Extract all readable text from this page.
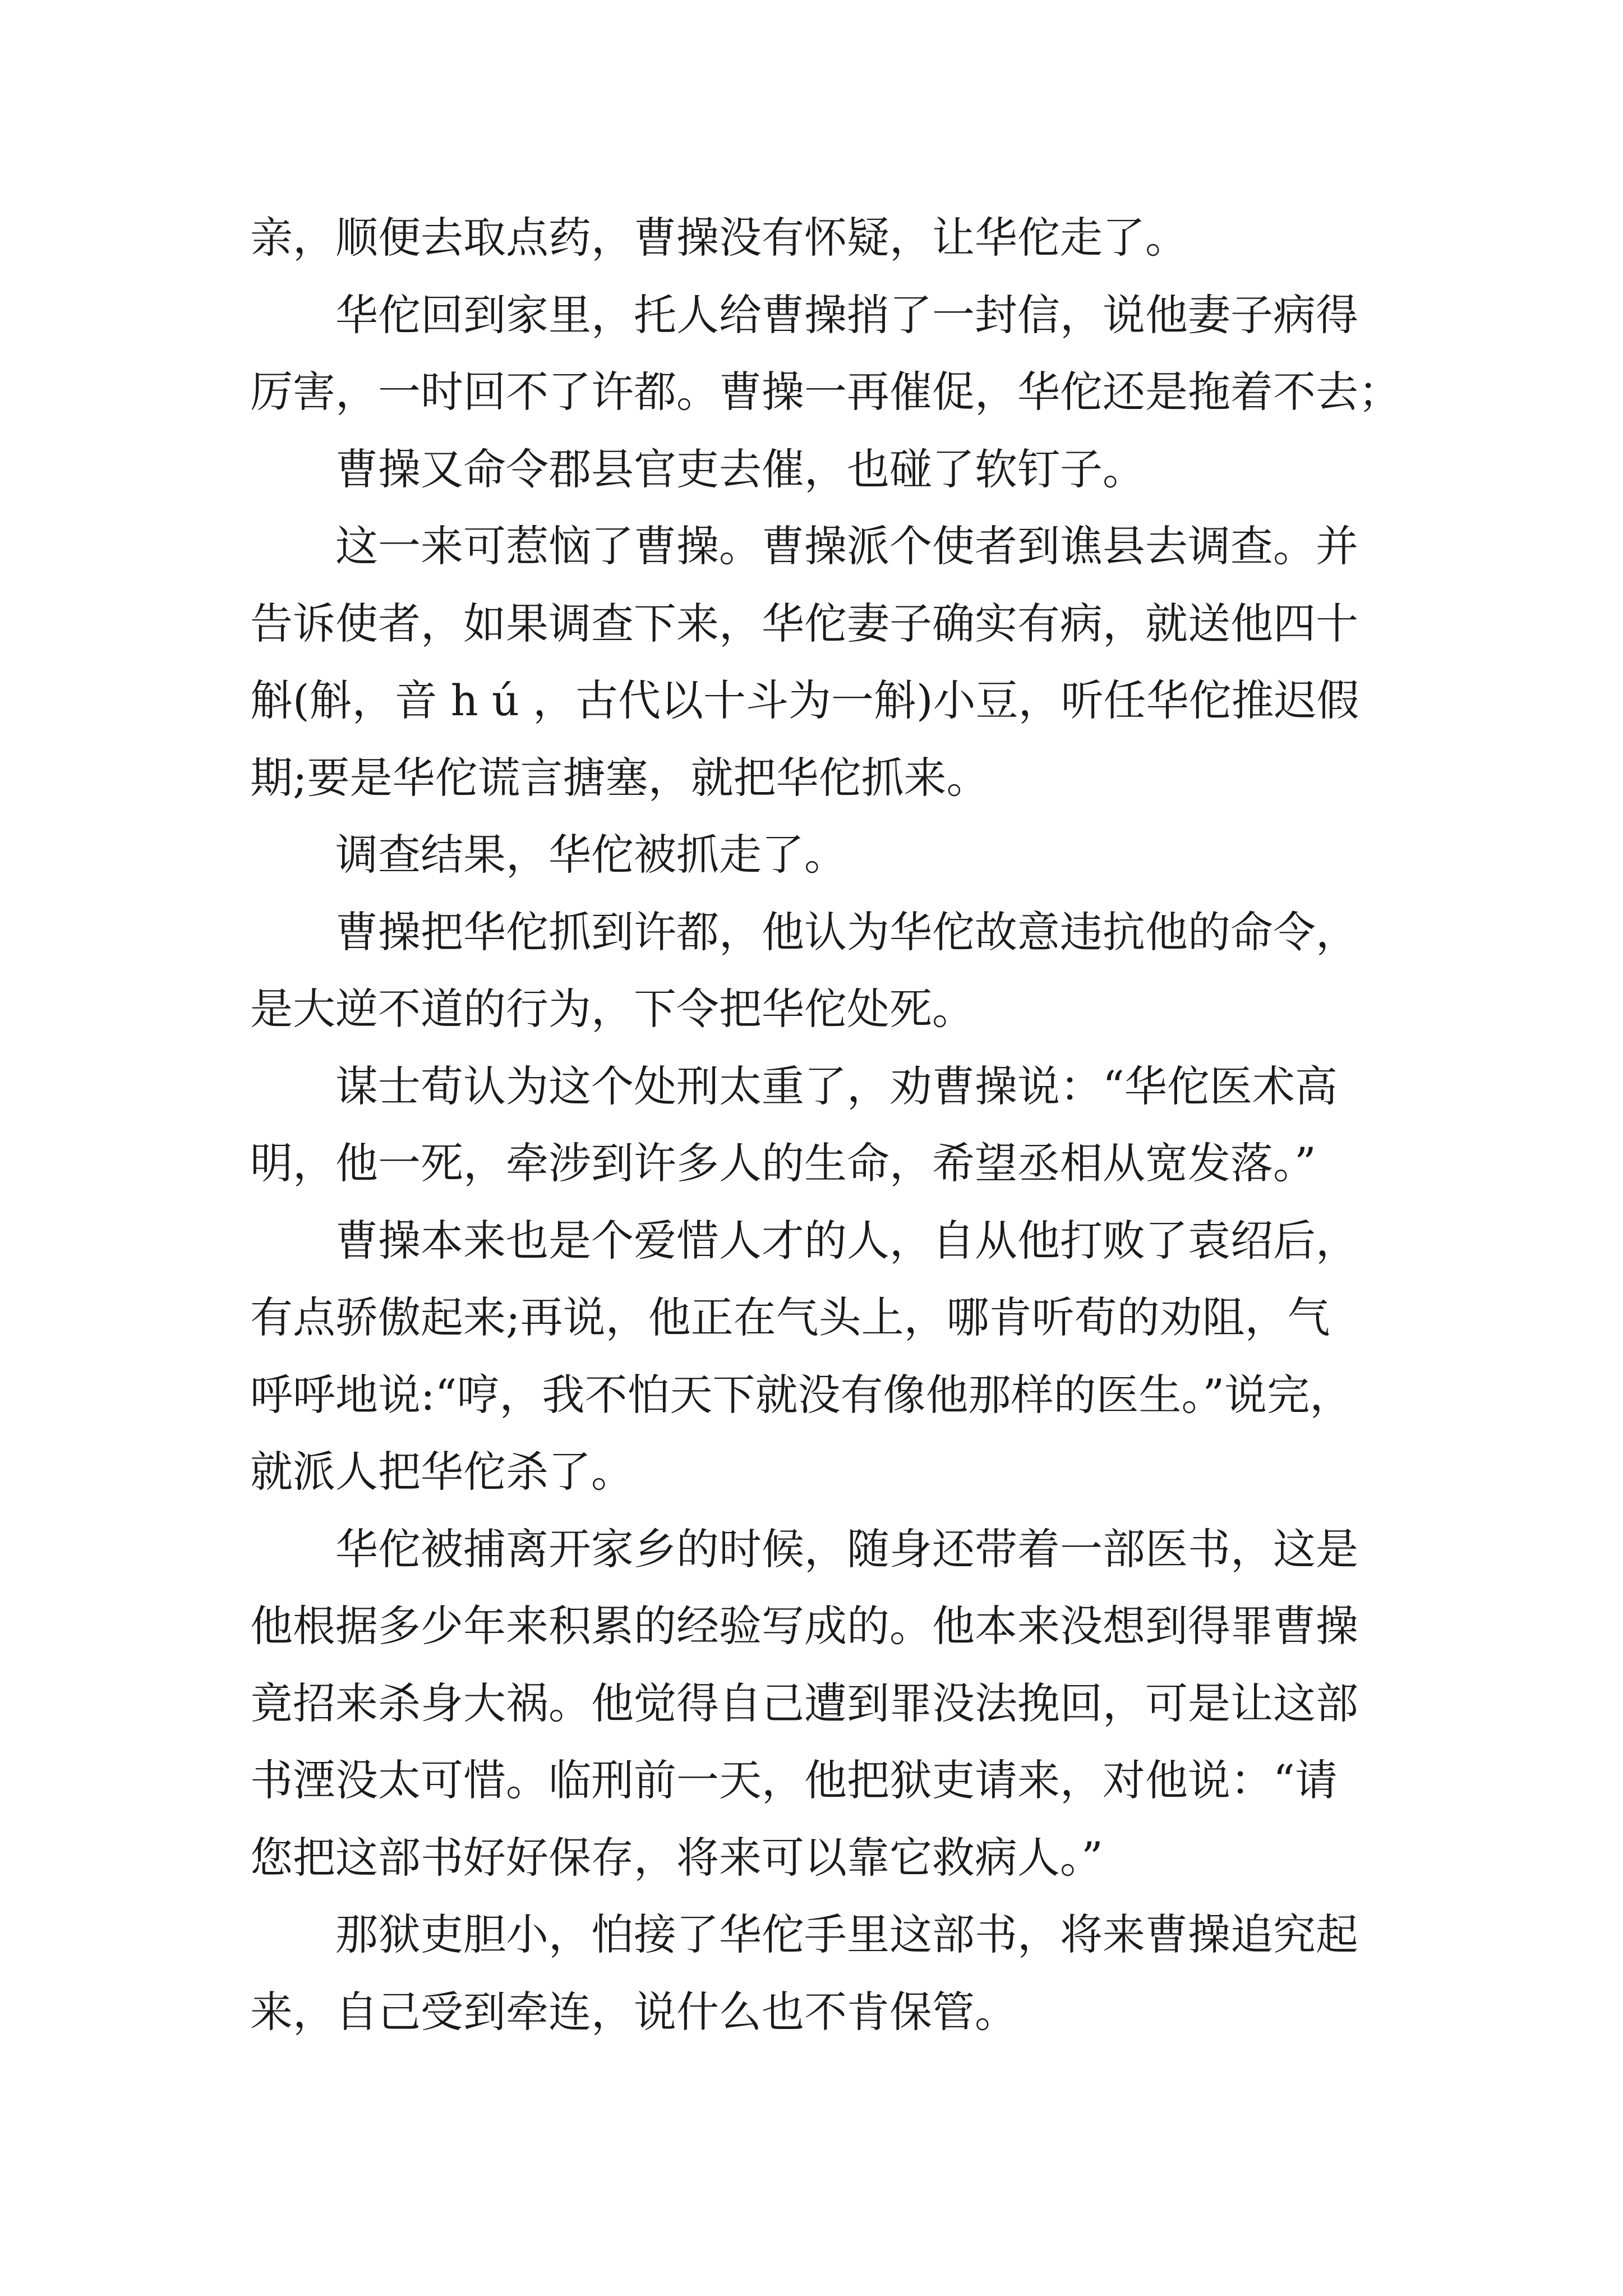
亲，顺便去取点药，曹操没有怀疑，让华佗走了。
华佗回到家里，托人给曹操捎了一封信，说他妻子病得
厉害，一时回不了许都。曹操一再催促，华佗还是拖着不去；
曹操又命令郡县官吏去催，也碰了软钉子。
这一来可惹恼了曹操。曹操派个使者到谯县去调查。并
告诉使者，如果调查下来，华佗妻子确实有病，就送他四十
斛(斛，音 h ú ，古代以十斗为一斛)小豆，听任华佗推迟假
期;要是华佗谎言搪塞，就把华佗抓来。
调查结果，华佗被抓走了。
曹操把华佗抓到许都，他认为华佗故意违抗他的命令，
是大逆不道的行为，下令把华佗处死。
谋士荀认为这个处刑太重了，劝曹操说：“华佗医术高
明，他一死，牵涉到许多人的生命，希望丞相从宽发落。”
曹操本来也是个爱惜人才的人，自从他打败了袁绍后，
有点骄傲起来;再说，他正在气头上，哪肯听荀的劝阻，气
呼呼地说:“哼，我不怕天下就没有像他那样的医生。”说完，
就派人把华佗杀了。
华佗被捕离开家乡的时候，随身还带着一部医书，这是
他根据多少年来积累的经验写成的。他本来没想到得罪曹操
竟招来杀身大祸。他觉得自己遭到罪没法挽回，可是让这部
书湮没太可惜。临刑前一天，他把狱吏请来，对他说：“请
您把这部书好好保存，将来可以靠它救病人。”
那狱吏胆小，怕接了华佗手里这部书，将来曹操追究起
来，自己受到牵连，说什么也不肯保管。
